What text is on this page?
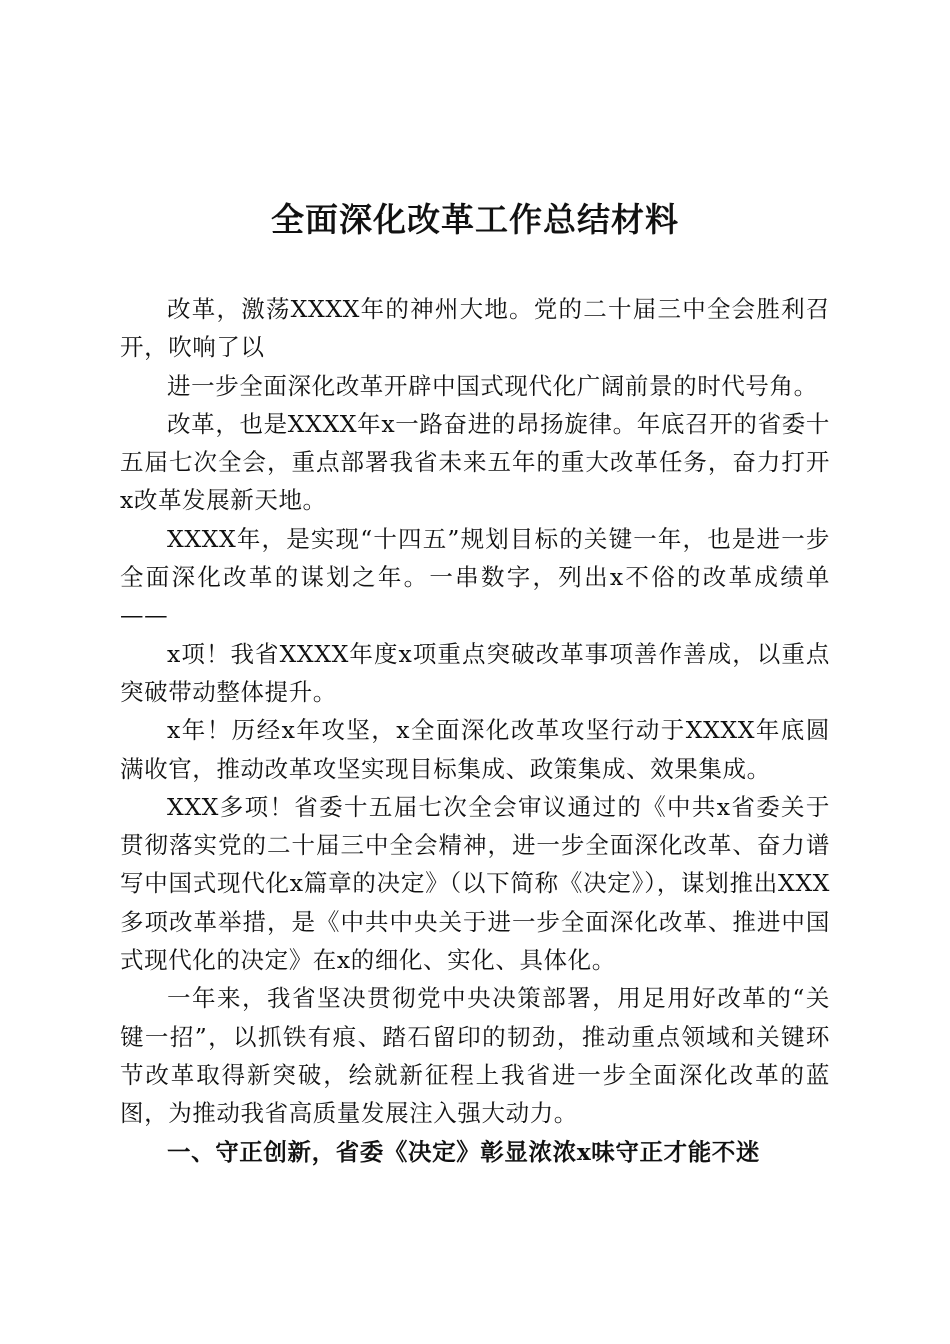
全面深化改革工作总结材料

改革，激荡XXXX年的神州大地。党的二十届三中全会胜利召开，吹响了以

进一步全面深化改革开辟中国式现代化广阔前景的时代号角。

改革，也是XXXX年x一路奋进的昂扬旋律。年底召开的省委十五届七次全会，重点部署我省未来五年的重大改革任务，奋力打开x改革发展新天地。

XXXX年，是实现“十四五”规划目标的关键一年，也是进一步全面深化改革的谋划之年。一串数字，列出x不俗的改革成绩单——

x项！我省XXXX年度x项重点突破改革事项善作善成，以重点突破带动整体提升。

x年！历经x年攻坚，x全面深化改革攻坚行动于XXXX年底圆满收官，推动改革攻坚实现目标集成、政策集成、效果集成。

XXX多项！省委十五届七次全会审议通过的《中共x省委关于贯彻落实党的二十届三中全会精神，进一步全面深化改革、奋力谱写中国式现代化x篇章的决定》（以下简称《决定》），谋划推出XXX多项改革举措，是《中共中央关于进一步全面深化改革、推进中国式现代化的决定》在x的细化、实化、具体化。

一年来，我省坚决贯彻党中央决策部署，用足用好改革的“关键一招”，以抓铁有痕、踏石留印的韧劲，推动重点领域和关键环节改革取得新突破，绘就新征程上我省进一步全面深化改革的蓝图，为推动我省高质量发展注入强大动力。

一、守正创新，省委《决定》彰显浓浓x味守正才能不迷
